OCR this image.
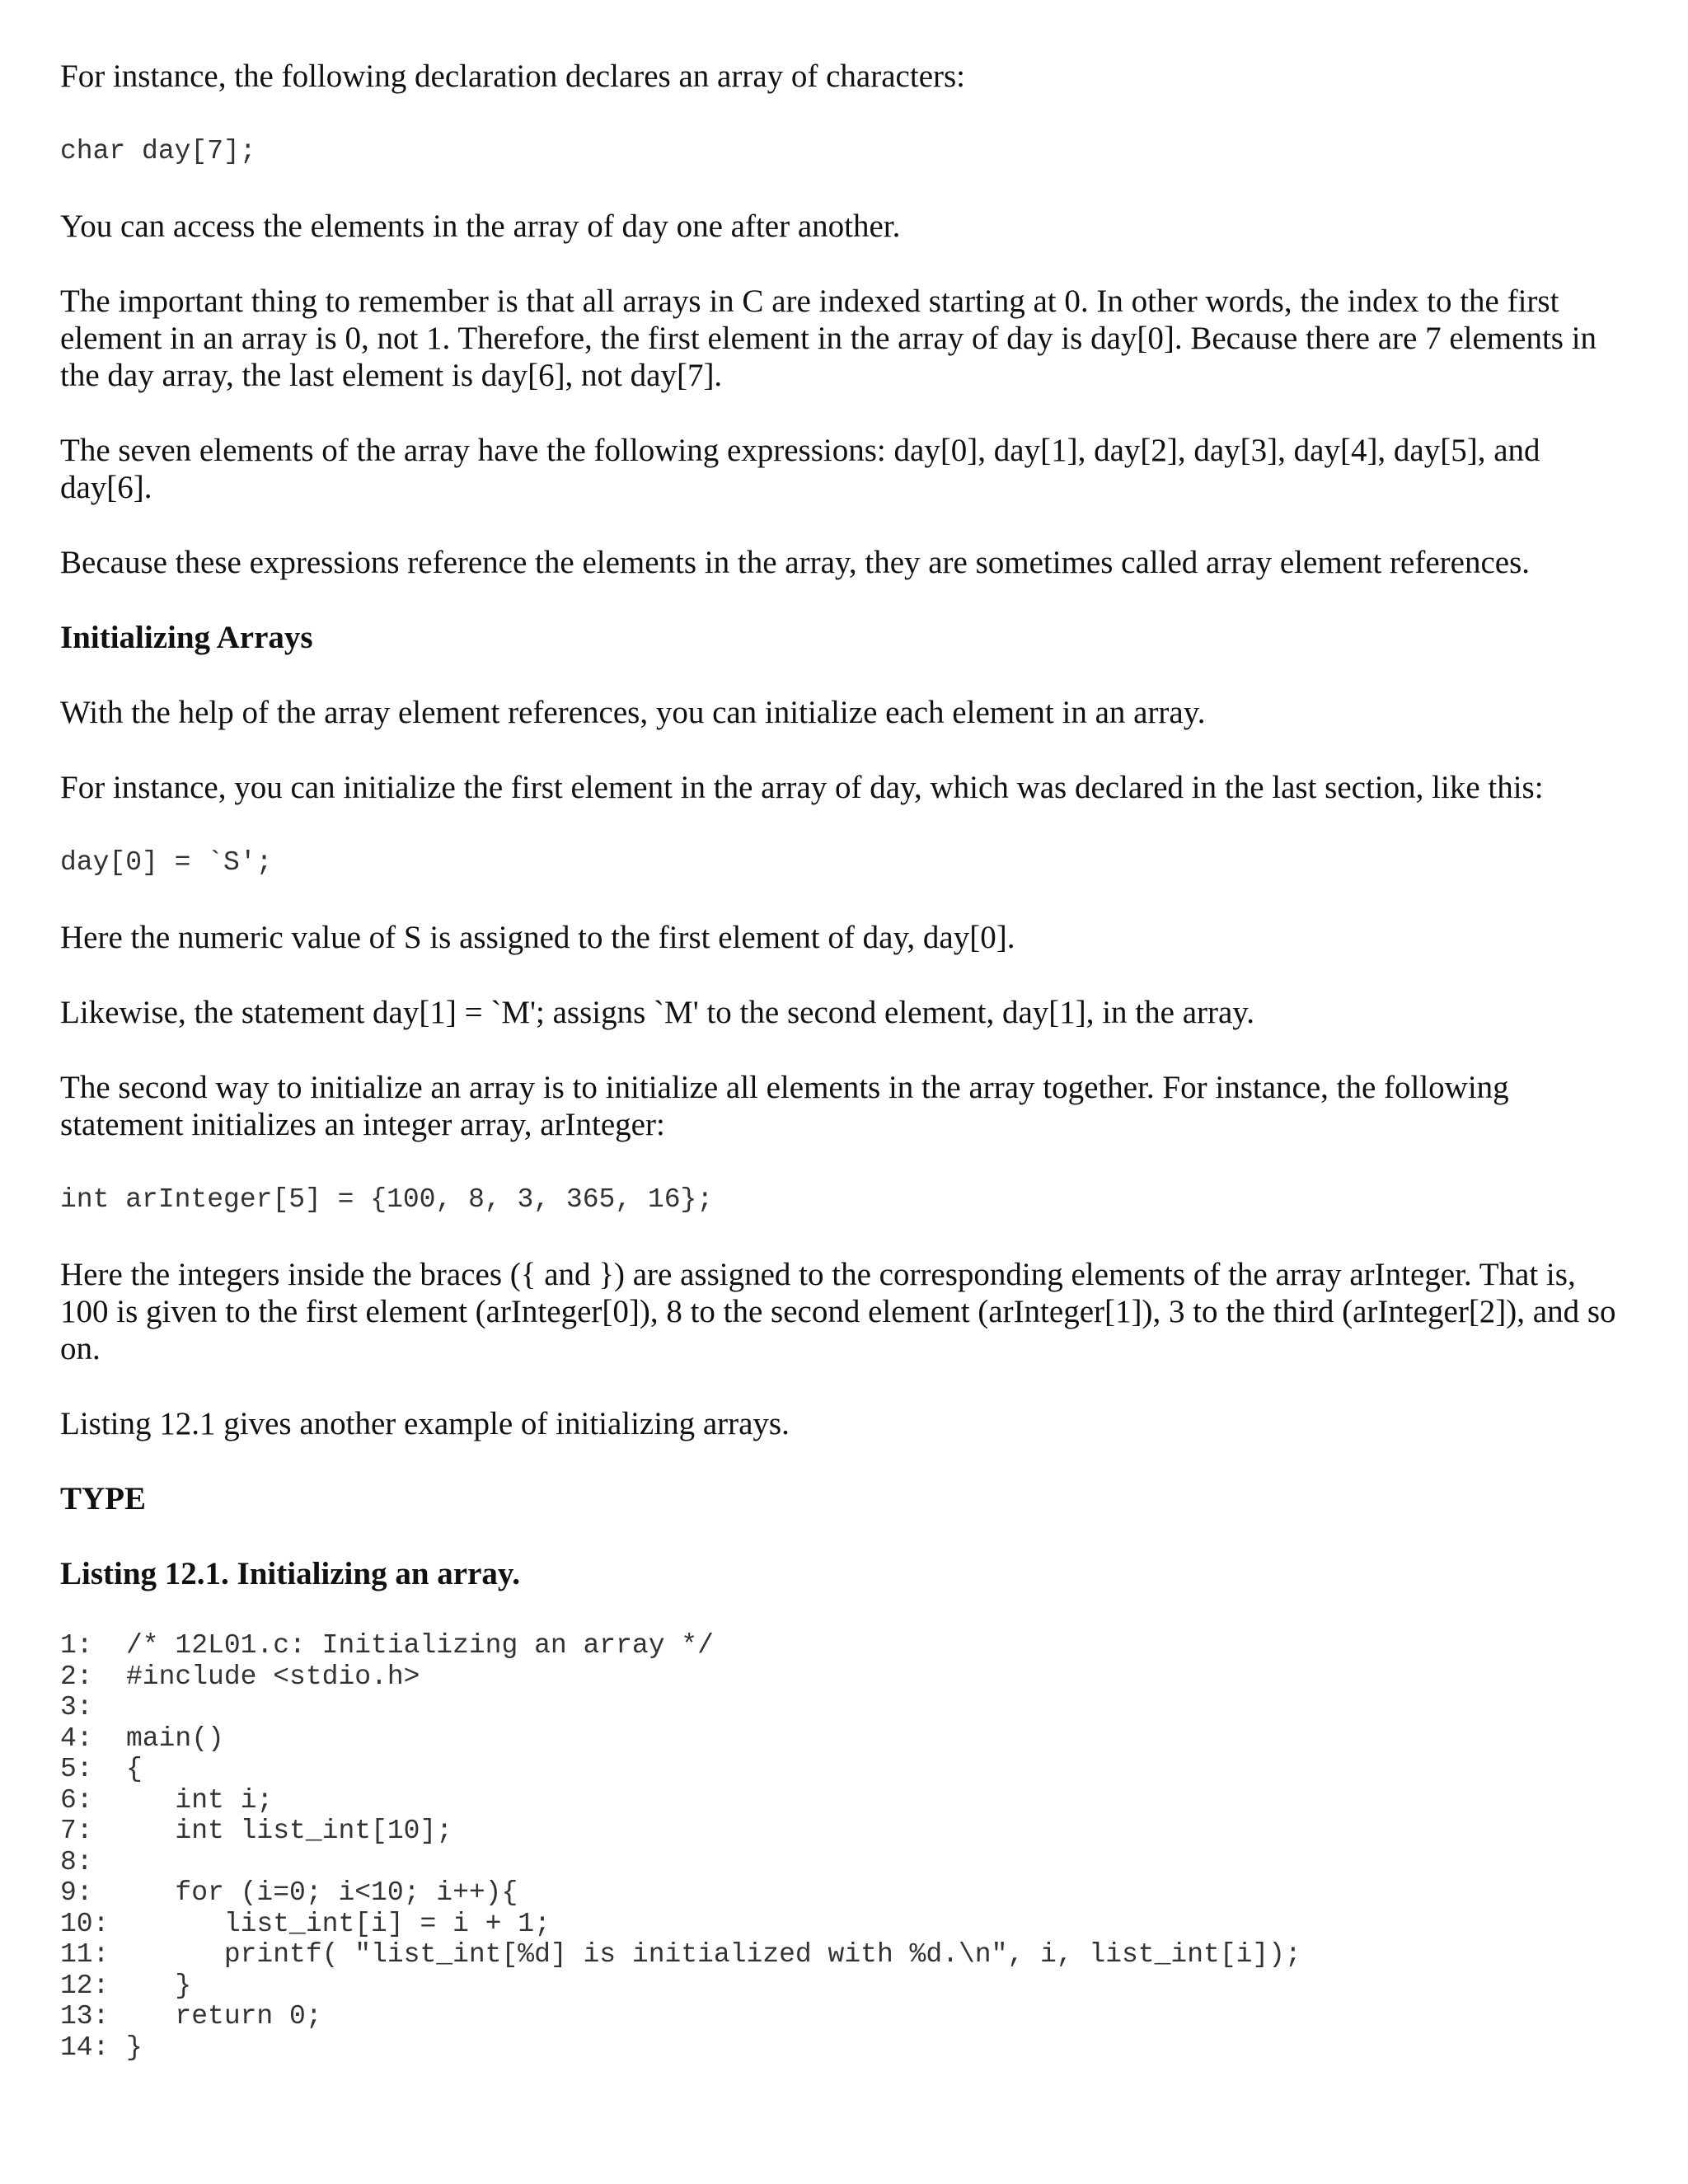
For instance, the following declaration declares an array of characters:

char day[7];

You can access the elements in the array of day one after another.

The important thing to remember is that all arrays in C are indexed starting at 0. In other words, the index to the first element in an array is 0, not 1. Therefore, the first element in the array of day is day[0]. Because there are 7 elements in the day array, the last element is day[6], not day[7].

The seven elements of the array have the following expressions: day[0], day[1], day[2], day[3], day[4], day[5], and day[6].

Because these expressions reference the elements in the array, they are sometimes called array element references.

Initializing Arrays

With the help of the array element references, you can initialize each element in an array.

For instance, you can initialize the first element in the array of day, which was declared in the last section, like this:

day[0] = `S';

Here the numeric value of S is assigned to the first element of day, day[0].

Likewise, the statement day[1] = `M'; assigns `M' to the second element, day[1], in the array.

The second way to initialize an array is to initialize all elements in the array together. For instance, the following statement initializes an integer array, arInteger:

int arInteger[5] = {100, 8, 3, 365, 16};

Here the integers inside the braces ({ and }) are assigned to the corresponding elements of the array arInteger. That is, 100 is given to the first element (arInteger[0]), 8 to the second element (arInteger[1]), 3 to the third (arInteger[2]), and so on.

Listing 12.1 gives another example of initializing arrays.

TYPE
Listing 12.1. Initializing an array.
1: /* 12L01.c: Initializing an array */
2: #include <stdio.h>
3:
4: main()
5: {
6:   int i;
7:   int list_int[10];
8:
9:   for (i=0; i<10; i++){
10:      list_int[i] = i + 1;
11:      printf( "list_int[%d] is initialized with %d.\n", i, list_int[i]);
12:   }
13:   return 0;
14: }
